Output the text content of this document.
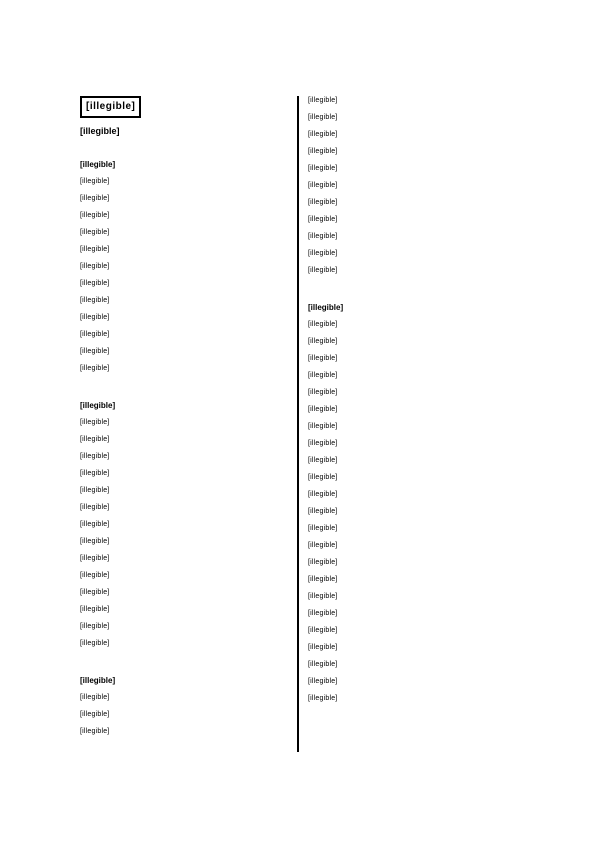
[illegible]
[illegible]
[illegible]
[illegible]
[illegible]
[illegible]
[illegible]
[illegible]
[illegible]
[illegible]
[illegible]
[illegible]
[illegible]
[illegible]
[illegible]
[illegible]
[illegible]
[illegible]
[illegible]
[illegible]
[illegible]
[illegible]
[illegible]
[illegible]
[illegible]
[illegible]
[illegible]
[illegible]
[illegible]
[illegible]
[illegible]
[illegible]
[illegible]
[illegible]
[illegible]
[illegible]
[illegible]
[illegible]
[illegible]
[illegible]
[illegible]
[illegible]
[illegible]
[illegible]
[illegible]
[illegible]
[illegible]
[illegible]
[illegible]
[illegible]
[illegible]
[illegible]
[illegible]
[illegible]
[illegible]
[illegible]
[illegible]
[illegible]
[illegible]
[illegible]
[illegible]
[illegible]
[illegible]
[illegible]
[illegible]
[illegible]
[illegible]
[illegible]
[illegible]
